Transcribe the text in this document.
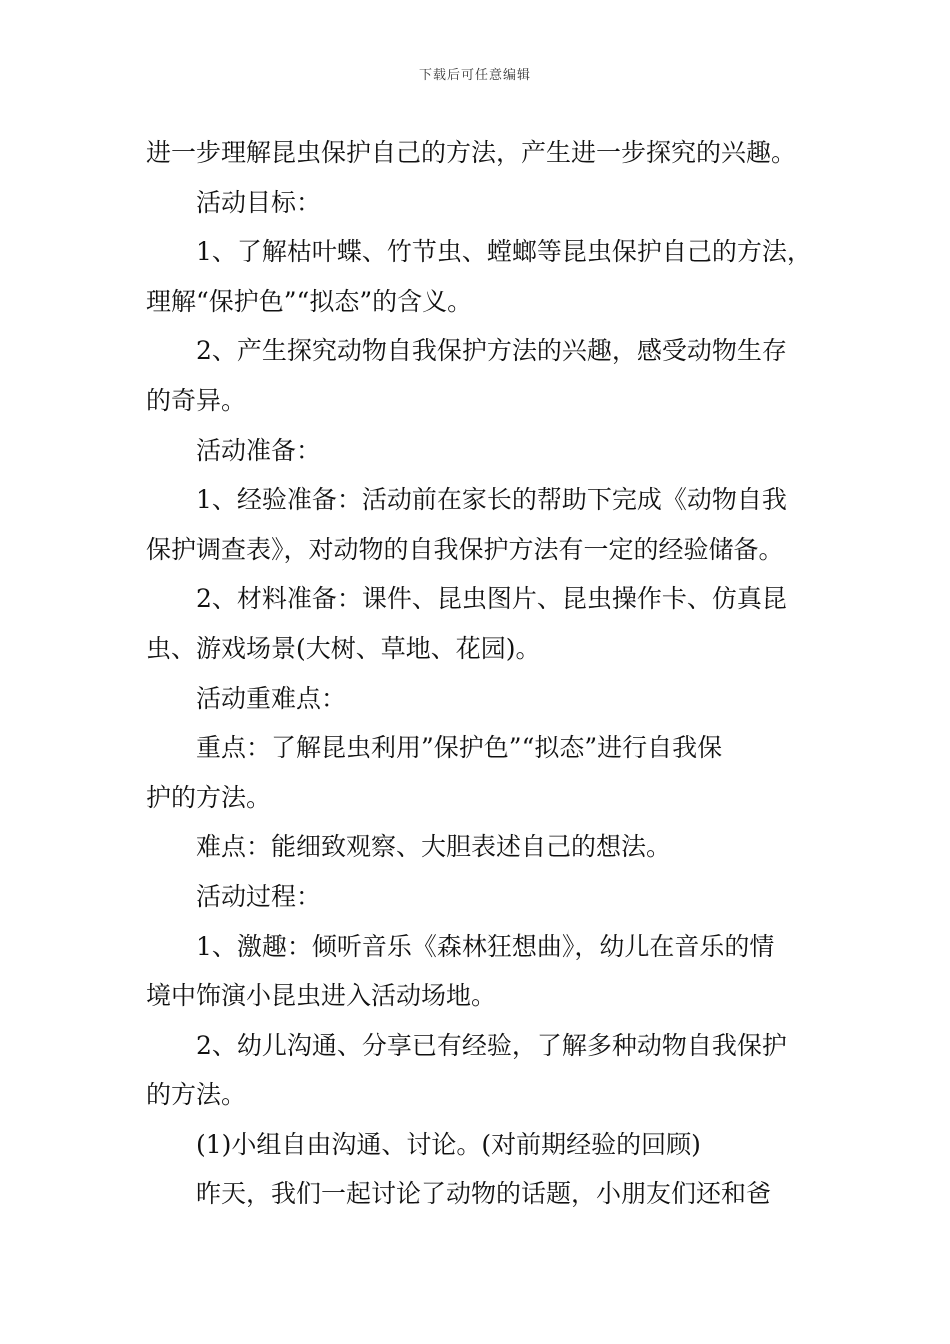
下载后可任意编辑
进一步理解昆虫保护自己的方法，产生进一步探究的兴趣。
活动目标：
1、了解枯叶蝶、竹节虫、螳螂等昆虫保护自己的方法，
理解“保护色”“拟态”的含义。
2、产生探究动物自我保护方法的兴趣，感受动物生存
的奇异。
活动准备：
1、经验准备：活动前在家长的帮助下完成《动物自我
保护调查表》，对动物的自我保护方法有一定的经验储备。
2、材料准备：课件、昆虫图片、昆虫操作卡、仿真昆
虫、游戏场景(大树、草地、花园)。
活动重难点：
重点：了解昆虫利用”保护色”“拟态”进行自我保
护的方法。
难点：能细致观察、大胆表述自己的想法。
活动过程：
1、激趣：倾听音乐《森林狂想曲》，幼儿在音乐的情
境中饰演小昆虫进入活动场地。
2、幼儿沟通、分享已有经验，了解多种动物自我保护
的方法。
(1)小组自由沟通、讨论。(对前期经验的回顾)
昨天，我们一起讨论了动物的话题，小朋友们还和爸
